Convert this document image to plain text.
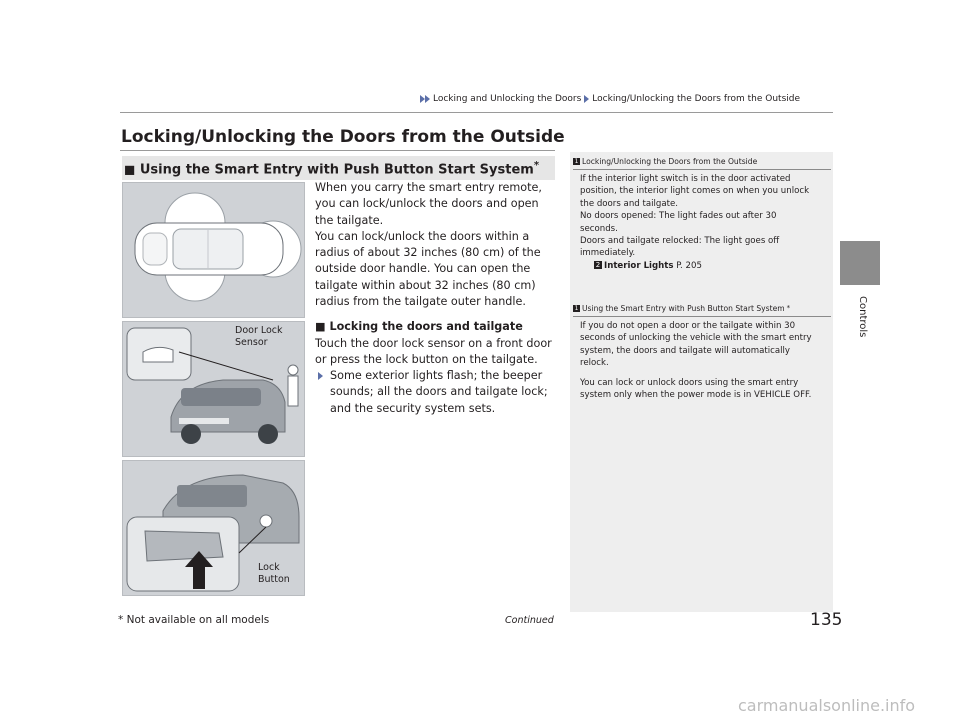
Locking and Unlocking the Doors Locking/Unlocking the Doors from the Outside
Controls
Locking/Unlocking the Doors from the Outside
■ Using the Smart Entry with Push Button Start System*
Door Lock
Sensor
Lock
Button

When you carry the smart entry remote, you can lock/unlock the doors and open the tailgate.

You can lock/unlock the doors within a radius of about 32 inches (80 cm) of the outside door handle. You can open the tailgate within about 32 inches (80 cm) radius from the tailgate outer handle.

■ Locking the doors and tailgate
Touch the door lock sensor on a front door or press the lock button on the tailgate.
Some exterior lights flash; the beeper sounds; all the doors and tailgate lock; and the security system sets.
1 Locking/Unlocking the Doors from the Outside

If the interior light switch is in the door activated

position, the interior light comes on when you unlock

the doors and tailgate.

No doors opened: The light fades out after 30

seconds.

Doors and tailgate relocked: The light goes off

immediately.

2 Interior Lights P. 205

1 Using the Smart Entry with Push Button Start System *

If you do not open a door or the tailgate within 30

seconds of unlocking the vehicle with the smart entry

system, the doors and tailgate will automatically

relock.

You can lock or unlock doors using the smart entry

system only when the power mode is in VEHICLE OFF.

* Not available on all models	Continued	135
carmanualsonline.info
